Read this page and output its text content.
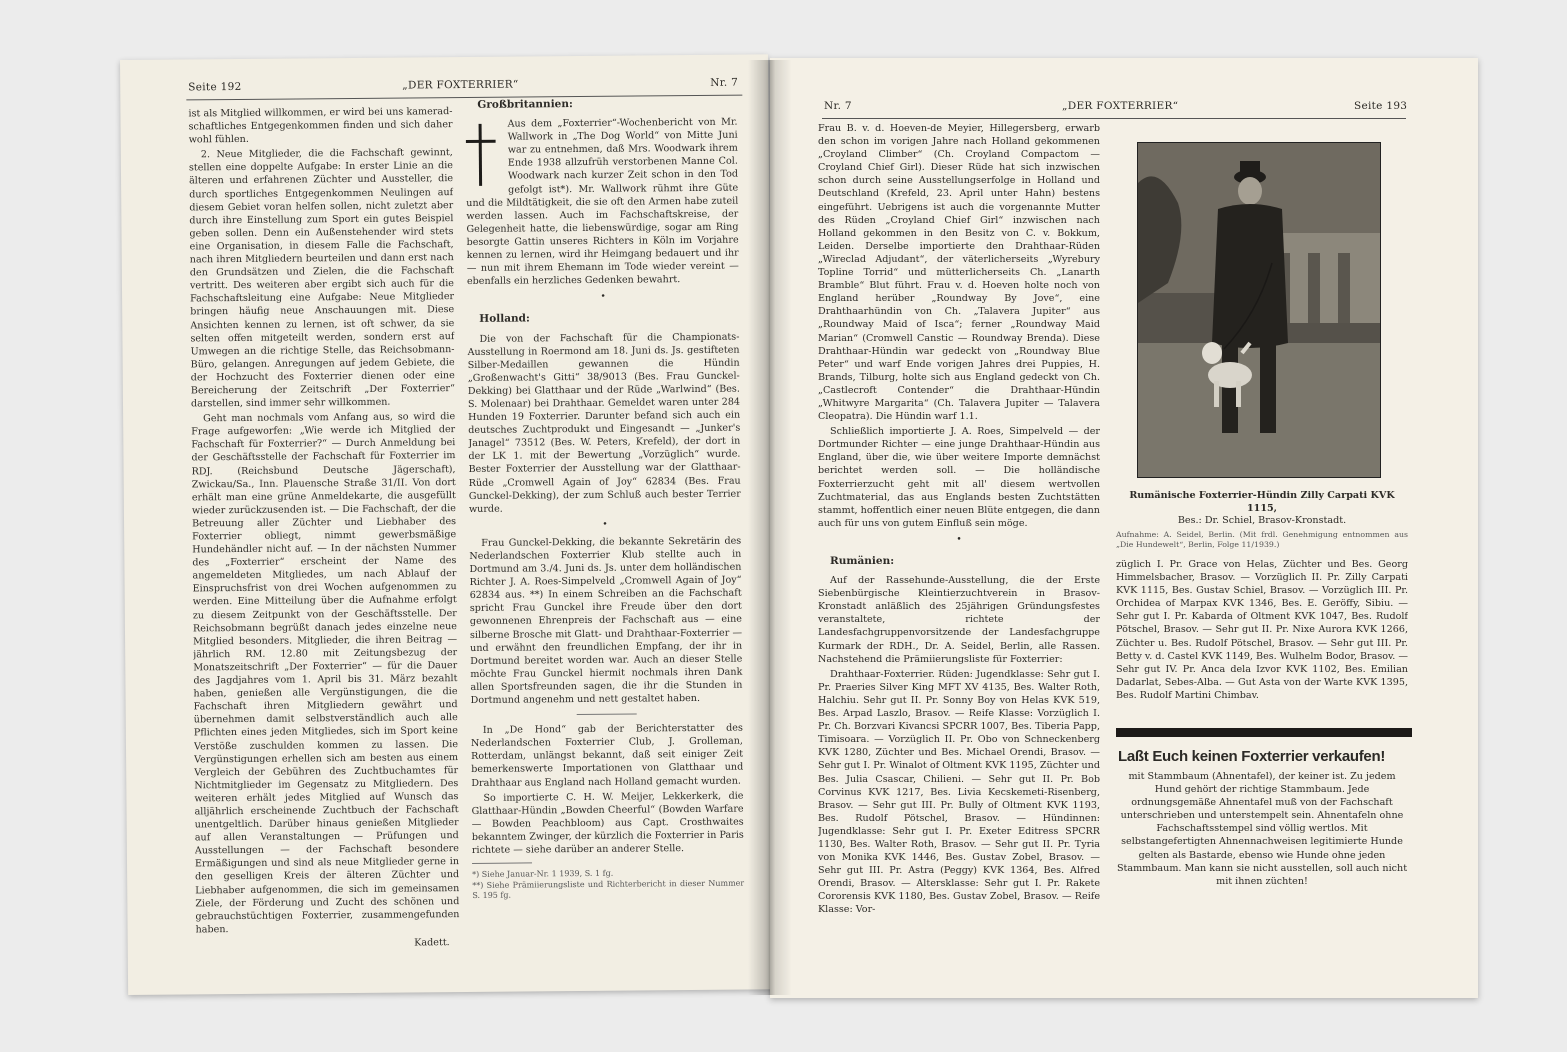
Seite 192	„DER FOXTERRIER“	Nr. 7

ist als Mitglied willkommen, er wird bei uns kamerad-schaftliches Entgegenkommen finden und sich daher wohl fühlen.

2. Neue Mitglieder, die die Fachschaft gewinnt, stellen eine doppelte Aufgabe: In erster Linie an die älteren und erfahrenen Züchter und Aussteller, die durch sportliches Entgegenkommen Neulingen auf diesem Gebiet voran helfen sollen, nicht zuletzt aber durch ihre Einstellung zum Sport ein gutes Beispiel geben sollen. Denn ein Außenstehender wird stets eine Organisation, in diesem Falle die Fachschaft, nach ihren Mitgliedern beurteilen und dann erst nach den Grundsätzen und Zielen, die die Fachschaft vertritt. Des weiteren aber ergibt sich auch für die Fachschaftsleitung eine Aufgabe: Neue Mitglieder bringen häufig neue Anschauungen mit. Diese Ansichten kennen zu lernen, ist oft schwer, da sie selten offen mitgeteilt werden, sondern erst auf Umwegen an die richtige Stelle, das Reichsobmann-Büro, gelangen. Anregungen auf jedem Gebiete, die der Hochzucht des Foxterrier dienen oder eine Bereicherung der Zeitschrift „Der Foxterrier“ darstellen, sind immer sehr willkommen.

Geht man nochmals vom Anfang aus, so wird die Frage aufgeworfen: „Wie werde ich Mitglied der Fachschaft für Foxterrier?“ — Durch Anmeldung bei der Geschäftsstelle der Fachschaft für Foxterrier im RDJ. (Reichsbund Deutsche Jägerschaft), Zwickau/Sa., Inn. Plauensche Straße 31/II. Von dort erhält man eine grüne Anmeldekarte, die ausgefüllt wieder zurückzusenden ist. — Die Fachschaft, der die Betreuung aller Züchter und Liebhaber des Foxterrier obliegt, nimmt gewerbsmäßige Hundehändler nicht auf. — In der nächsten Nummer des „Foxterrier“ erscheint der Name des angemeldeten Mitgliedes, um nach Ablauf der Einspruchsfrist von drei Wochen aufgenommen zu werden. Eine Mitteilung über die Aufnahme erfolgt zu diesem Zeitpunkt von der Geschäftsstelle. Der Reichsobmann begrüßt danach jedes einzelne neue Mitglied besonders. Mitglieder, die ihren Beitrag — jährlich RM. 12.80 mit Zeitungsbezug der Monatszeitschrift „Der Foxterrier“ — für die Dauer des Jagdjahres vom 1. April bis 31. März bezahlt haben, genießen alle Vergünstigungen, die die Fachschaft ihren Mitgliedern gewährt und übernehmen damit selbstverständlich auch alle Pflichten eines jeden Mitgliedes, sich im Sport keine Verstöße zuschulden kommen zu lassen. Die Vergünstigungen erhellen sich am besten aus einem Vergleich der Gebühren des Zuchtbuchamtes für Nichtmitglieder im Gegensatz zu Mitgliedern. Des weiteren erhält jedes Mitglied auf Wunsch das alljährlich erscheinende Zuchtbuch der Fachschaft unentgeltlich. Darüber hinaus genießen Mitglieder auf allen Veranstaltungen — Prüfungen und Ausstellungen — der Fachschaft besondere Ermäßigungen und sind als neue Mitglieder gerne in den geselligen Kreis der älteren Züchter und Liebhaber aufgenommen, die sich im gemeinsamen Ziele, der Förderung und Zucht des schönen und gebrauchstüchtigen Foxterrier, zusammengefunden haben.

Kadett.
Großbritannien:

Aus dem „Foxterrier“-Wochenbericht von Mr. Wallwork in „The Dog World“ von Mitte Juni war zu entnehmen, daß Mrs. Woodwark ihrem Ende 1938 allzufrüh verstorbenen Manne Col. Woodwark nach kurzer Zeit schon in den Tod gefolgt ist*). Mr. Wallwork rühmt ihre Güte und die Mildtätigkeit, die sie oft den Armen habe zuteil werden lassen. Auch im Fachschaftskreise, der Gelegenheit hatte, die liebenswürdige, sogar am Ring besorgte Gattin unseres Richters in Köln im Vorjahre kennen zu lernen, wird ihr Heimgang bedauert und ihr — nun mit ihrem Ehemann im Tode wieder vereint — ebenfalls ein herzliches Gedenken bewahrt.

•
Holland:

Die von der Fachschaft für die Championats-Ausstellung in Roermond am 18. Juni ds. Js. gestifteten Silber-Medaillen gewannen die Hündin „Großenwacht's Gitti“ 38/9013 (Bes. Frau Gunckel-Dekking) bei Glatthaar und der Rüde „Warlwind“ (Bes. S. Molenaar) bei Drahthaar. Gemeldet waren unter 284 Hunden 19 Foxterrier. Darunter befand sich auch ein deutsches Zuchtprodukt und Eingesandt — „Junker's Janagel“ 73512 (Bes. W. Peters, Krefeld), der dort in der LK 1. mit der Bewertung „Vorzüglich“ wurde. Bester Foxterrier der Ausstellung war der Glatthaar-Rüde „Cromwell Again of Joy“ 62834 (Bes. Frau Gunckel-Dekking), der zum Schluß auch bester Terrier wurde.

•

Frau Gunckel-Dekking, die bekannte Sekretärin des Nederlandschen Foxterrier Klub stellte auch in Dortmund am 3./4. Juni ds. Js. unter dem holländischen Richter J. A. Roes-Simpelveld „Cromwell Again of Joy“ 62834 aus. **) In einem Schreiben an die Fachschaft spricht Frau Gunckel ihre Freude über den dort gewonnenen Ehrenpreis der Fachschaft aus — eine silberne Brosche mit Glatt- und Drahthaar-Foxterrier — und erwähnt den freundlichen Empfang, der ihr in Dortmund bereitet worden war. Auch an dieser Stelle möchte Frau Gunckel hiermit nochmals ihren Dank allen Sportsfreunden sagen, die ihr die Stunden in Dortmund angenehm und nett gestaltet haben.

In „De Hond“ gab der Berichterstatter des Nederlandschen Foxterrier Club, J. Grolleman, Rotterdam, unlängst bekannt, daß seit einiger Zeit bemerkenswerte Importationen von Glatthaar und Drahthaar aus England nach Holland gemacht wurden.

So importierte C. H. W. Meijer, Lekkerkerk, die Glatthaar-Hündin „Bowden Cheerful“ (Bowden Warfare — Bowden Peachbloom) aus Capt. Crosthwaites bekanntem Zwinger, der kürzlich die Foxterrier in Paris richtete — siehe darüber an anderer Stelle.

*) Siehe Januar-Nr. 1 1939, S. 1 fg.
**) Siehe Prämiierungsliste und Richterbericht in dieser Nummer S. 195 fg.
Nr. 7	„DER FOXTERRIER“	Seite 193

Frau B. v. d. Hoeven-de Meyier, Hillegersberg, erwarb den schon im vorigen Jahre nach Holland gekommenen „Croyland Climber“ (Ch. Croyland Compactom — Croyland Chief Girl). Dieser Rüde hat sich inzwischen schon durch seine Ausstellungserfolge in Holland und Deutschland (Krefeld, 23. April unter Hahn) bestens eingeführt. Uebrigens ist auch die vorgenannte Mutter des Rüden „Croyland Chief Girl“ inzwischen nach Holland gekommen in den Besitz von C. v. Bokkum, Leiden. Derselbe importierte den Drahthaar-Rüden „Wireclad Adjudant“, der väterlicherseits „Wyrebury Topline Torrid“ und mütterlicherseits Ch. „Lanarth Bramble“ Blut führt. Frau v. d. Hoeven holte noch von England herüber „Roundway By Jove“, eine Drahthaarhündin von Ch. „Talavera Jupiter“ aus „Roundway Maid of Isca“; ferner „Roundway Maid Marian“ (Cromwell Canstic — Roundway Brenda). Diese Drahthaar-Hündin war gedeckt von „Roundway Blue Peter“ und warf Ende vorigen Jahres drei Puppies, H. Brands, Tilburg, holte sich aus England gedeckt von Ch. „Castlecroft Contender“ die Drahthaar-Hündin „Whitwyre Margarita“ (Ch. Talavera Jupiter — Talavera Cleopatra). Die Hündin warf 1.1.

Schließlich importierte J. A. Roes, Simpelveld — der Dortmunder Richter — eine junge Drahthaar-Hündin aus England, über die, wie über weitere Importe demnächst berichtet werden soll. — Die holländische Foxterrierzucht geht mit all' diesem wertvollen Zuchtmaterial, das aus Englands besten Zuchtstätten stammt, hoffentlich einer neuen Blüte entgegen, die dann auch für uns von gutem Einfluß sein möge.

•
Rumänien:

Auf der Rassehunde-Ausstellung, die der Erste Siebenbürgische Kleintierzuchtverein in Brasov-Kronstadt anläßlich des 25jährigen Gründungsfestes veranstaltete, richtete der Landesfachgruppenvorsitzende der Landesfachgruppe Kurmark der RDH., Dr. A. Seidel, Berlin, alle Rassen. Nachstehend die Prämiierungsliste für Foxterrier:

Drahthaar-Foxterrier. Rüden: Jugendklasse: Sehr gut I. Pr. Praeries Silver King MFT XV 4135, Bes. Walter Roth, Halchiu. Sehr gut II. Pr. Sonny Boy von Helas KVK 519, Bes. Arpad Laszlo, Brasov. — Reife Klasse: Vorzüglich I. Pr. Ch. Borzvari Kivancsi SPCRR 1007, Bes. Tiberia Papp, Timisoara. — Vorzüglich II. Pr. Obo von Schneckenberg KVK 1280, Züchter und Bes. Michael Orendi, Brasov. — Sehr gut I. Pr. Winalot of Oltment KVK 1195, Züchter und Bes. Julia Csascar, Chilieni. — Sehr gut II. Pr. Bob Corvinus KVK 1217, Bes. Livia Kecskemeti-Risenberg, Brasov. — Sehr gut III. Pr. Bully of Oltment KVK 1193, Bes. Rudolf Pötschel, Brasov. — Hündinnen: Jugendklasse: Sehr gut I. Pr. Exeter Editress SPCRR 1130, Bes. Walter Roth, Brasov. — Sehr gut II. Pr. Tyria von Monika KVK 1446, Bes. Gustav Zobel, Brasov. — Sehr gut III. Pr. Astra (Peggy) KVK 1364, Bes. Alfred Orendi, Brasov. — Altersklasse: Sehr gut I. Pr. Rakete Cororensis KVK 1180, Bes. Gustav Zobel, Brasov. — Reife Klasse: Vor-

Rumänische Foxterrier-Hündin Zilly Carpati KVK 1115,
Bes.: Dr. Schiel, Brasov-Kronstadt.
Aufnahme: A. Seidel, Berlin. (Mit frdl. Genehmigung entnommen aus „Die Hundewelt“, Berlin, Folge 11/1939.)

züglich I. Pr. Grace von Helas, Züchter und Bes. Georg Himmelsbacher, Brasov. — Vorzüglich II. Pr. Zilly Carpati KVK 1115, Bes. Gustav Schiel, Brasov. — Vorzüglich III. Pr. Orchidea of Marpax KVK 1346, Bes. E. Geröffy, Sibiu. — Sehr gut I. Pr. Kabarda of Oltment KVK 1047, Bes. Rudolf Pötschel, Brasov. — Sehr gut II. Pr. Nixe Aurora KVK 1266, Züchter u. Bes. Rudolf Pötschel, Brasov. — Sehr gut III. Pr. Betty v. d. Castel KVK 1149, Bes. Wulhelm Bodor, Brasov. — Sehr gut IV. Pr. Anca dela Izvor KVK 1102, Bes. Emilian Dadarlat, Sebes-Alba. — Gut Asta von der Warte KVK 1395, Bes. Rudolf Martini Chimbav.

Laßt Euch keinen Foxterrier verkaufen!

mit Stammbaum (Ahnentafel), der keiner ist. Zu jedem Hund gehört der richtige Stammbaum. Jede ordnungsgemäße Ahnentafel muß von der Fachschaft unterschrieben und unterstempelt sein. Ahnentafeln ohne Fachschaftsstempel sind völlig wertlos. Mit selbstangefertigten Ahnennachweisen legitimierte Hunde gelten als Bastarde, ebenso wie Hunde ohne jeden Stammbaum. Man kann sie nicht ausstellen, soll auch nicht mit ihnen züchten!
